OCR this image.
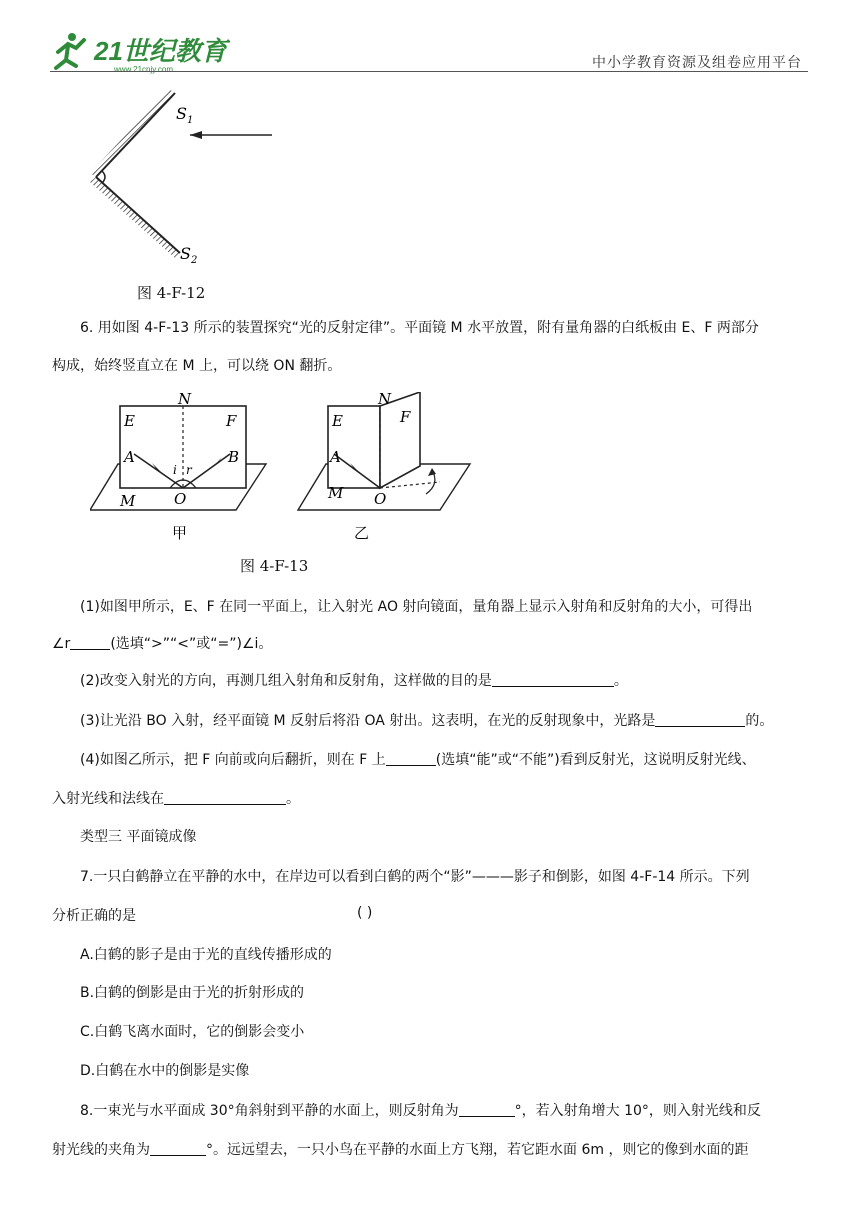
21世纪教育
www.21cnjy.com	中小学教育资源及组卷应用平台
$S_1$
$S_2$
图 4-F-12
6. 用如图 4-F-13 所示的装置探究“光的反射定律”。平面镜 M 水平放置，附有量角器的白纸板由 E、F 两部分
构成，始终竖直立在 M 上，可以绕 ON 翻折。
N
E	F
A	B
i r
O
M
甲
N
E	F
A
O
M
乙
图 4-F-13
(1)如图甲所示，E、F 在同一平面上，让入射光 AO 射向镜面，量角器上显示入射角和反射角的大小，可得出
∠r	(选填“>”“<”或“=”)∠i。
(2)改变入射光的方向，再测几组入射角和反射角，这样做的目的是	。
(3)让光沿 BO 入射，经平面镜 M 反射后将沿 OA 射出。这表明，在光的反射现象中，光路是	的。
(4)如图乙所示，把 F 向前或向后翻折，则在 F 上	(选填“能”或“不能”)看到反射光，这说明反射光线、
入射光线和法线在	。
类型三 平面镜成像
7.一只白鹤静立在平静的水中，在岸边可以看到白鹤的两个“影”———影子和倒影，如图 4-F-14 所示。下列
分析正确的是	( )
A.白鹤的影子是由于光的直线传播形成的
B.白鹤的倒影是由于光的折射形成的
C.白鹤飞离水面时，它的倒影会变小
D.白鹤在水中的倒影是实像
8.一束光与水平面成 30°角斜射到平静的水面上，则反射角为	°，若入射角增大 10°，则入射光线和反
射光线的夹角为	°。远远望去，一只小鸟在平静的水面上方飞翔，若它距水面 6m ，则它的像到水面的距
